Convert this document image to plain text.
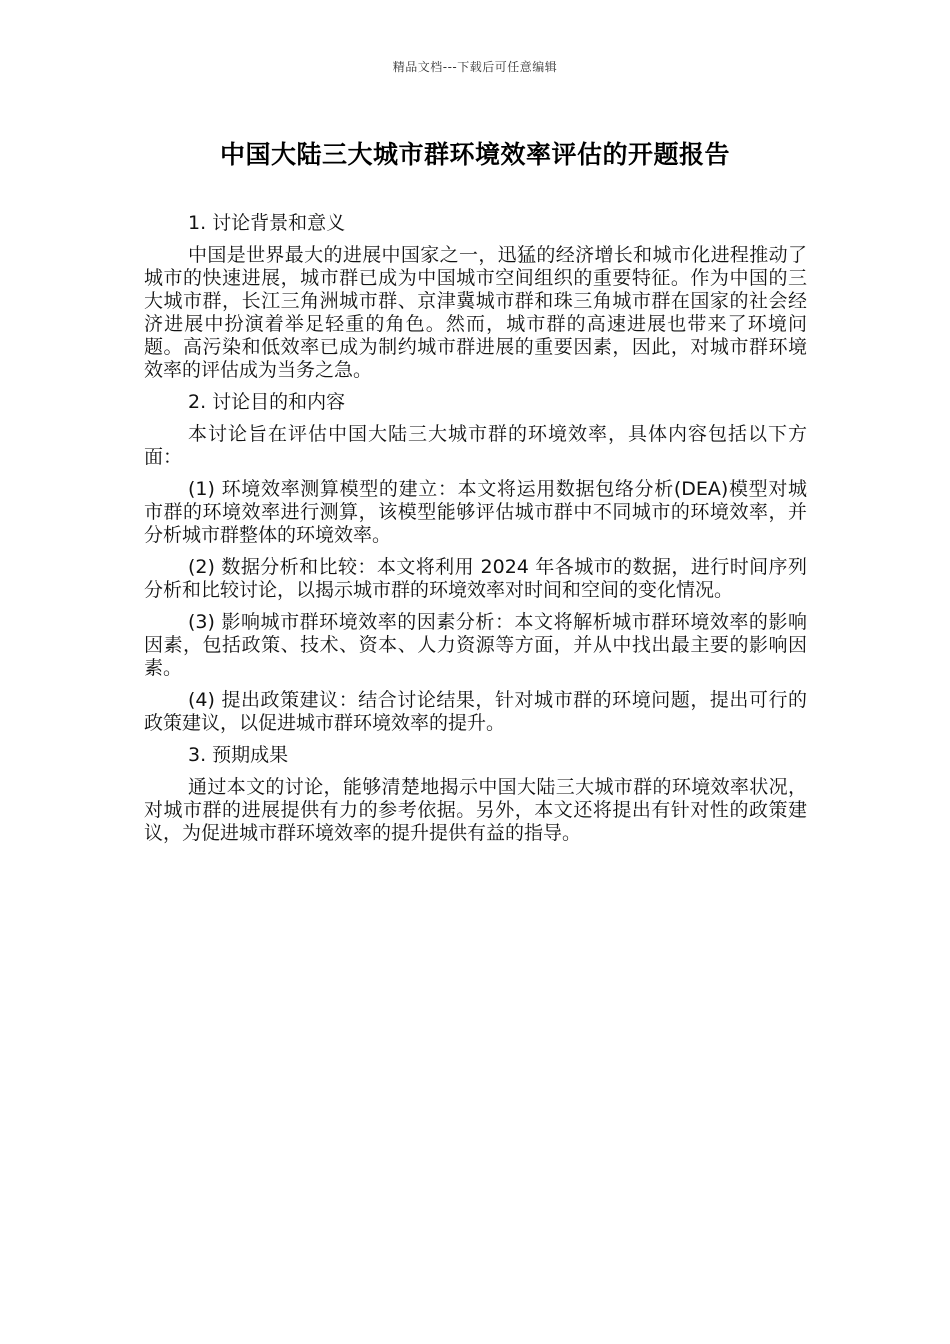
精品文档---下载后可任意编辑
中国大陆三大城市群环境效率评估的开题报告

1. 讨论背景和意义

中国是世界最大的进展中国家之一，迅猛的经济增长和城市化进程推动了城市的快速进展，城市群已成为中国城市空间组织的重要特征。作为中国的三大城市群，长江三角洲城市群、京津冀城市群和珠三角城市群在国家的社会经济进展中扮演着举足轻重的角色。然而，城市群的高速进展也带来了环境问题。高污染和低效率已成为制约城市群进展的重要因素，因此，对城市群环境效率的评估成为当务之急。

2. 讨论目的和内容

本讨论旨在评估中国大陆三大城市群的环境效率，具体内容包括以下方面：

(1) 环境效率测算模型的建立：本文将运用数据包络分析(DEA)模型对城市群的环境效率进行测算，该模型能够评估城市群中不同城市的环境效率，并分析城市群整体的环境效率。

(2) 数据分析和比较：本文将利用 2024 年各城市的数据，进行时间序列分析和比较讨论，以揭示城市群的环境效率对时间和空间的变化情况。

(3) 影响城市群环境效率的因素分析：本文将解析城市群环境效率的影响因素，包括政策、技术、资本、人力资源等方面，并从中找出最主要的影响因素。

(4) 提出政策建议：结合讨论结果，针对城市群的环境问题，提出可行的政策建议，以促进城市群环境效率的提升。

3. 预期成果

通过本文的讨论，能够清楚地揭示中国大陆三大城市群的环境效率状况，对城市群的进展提供有力的参考依据。另外，本文还将提出有针对性的政策建议，为促进城市群环境效率的提升提供有益的指导。
